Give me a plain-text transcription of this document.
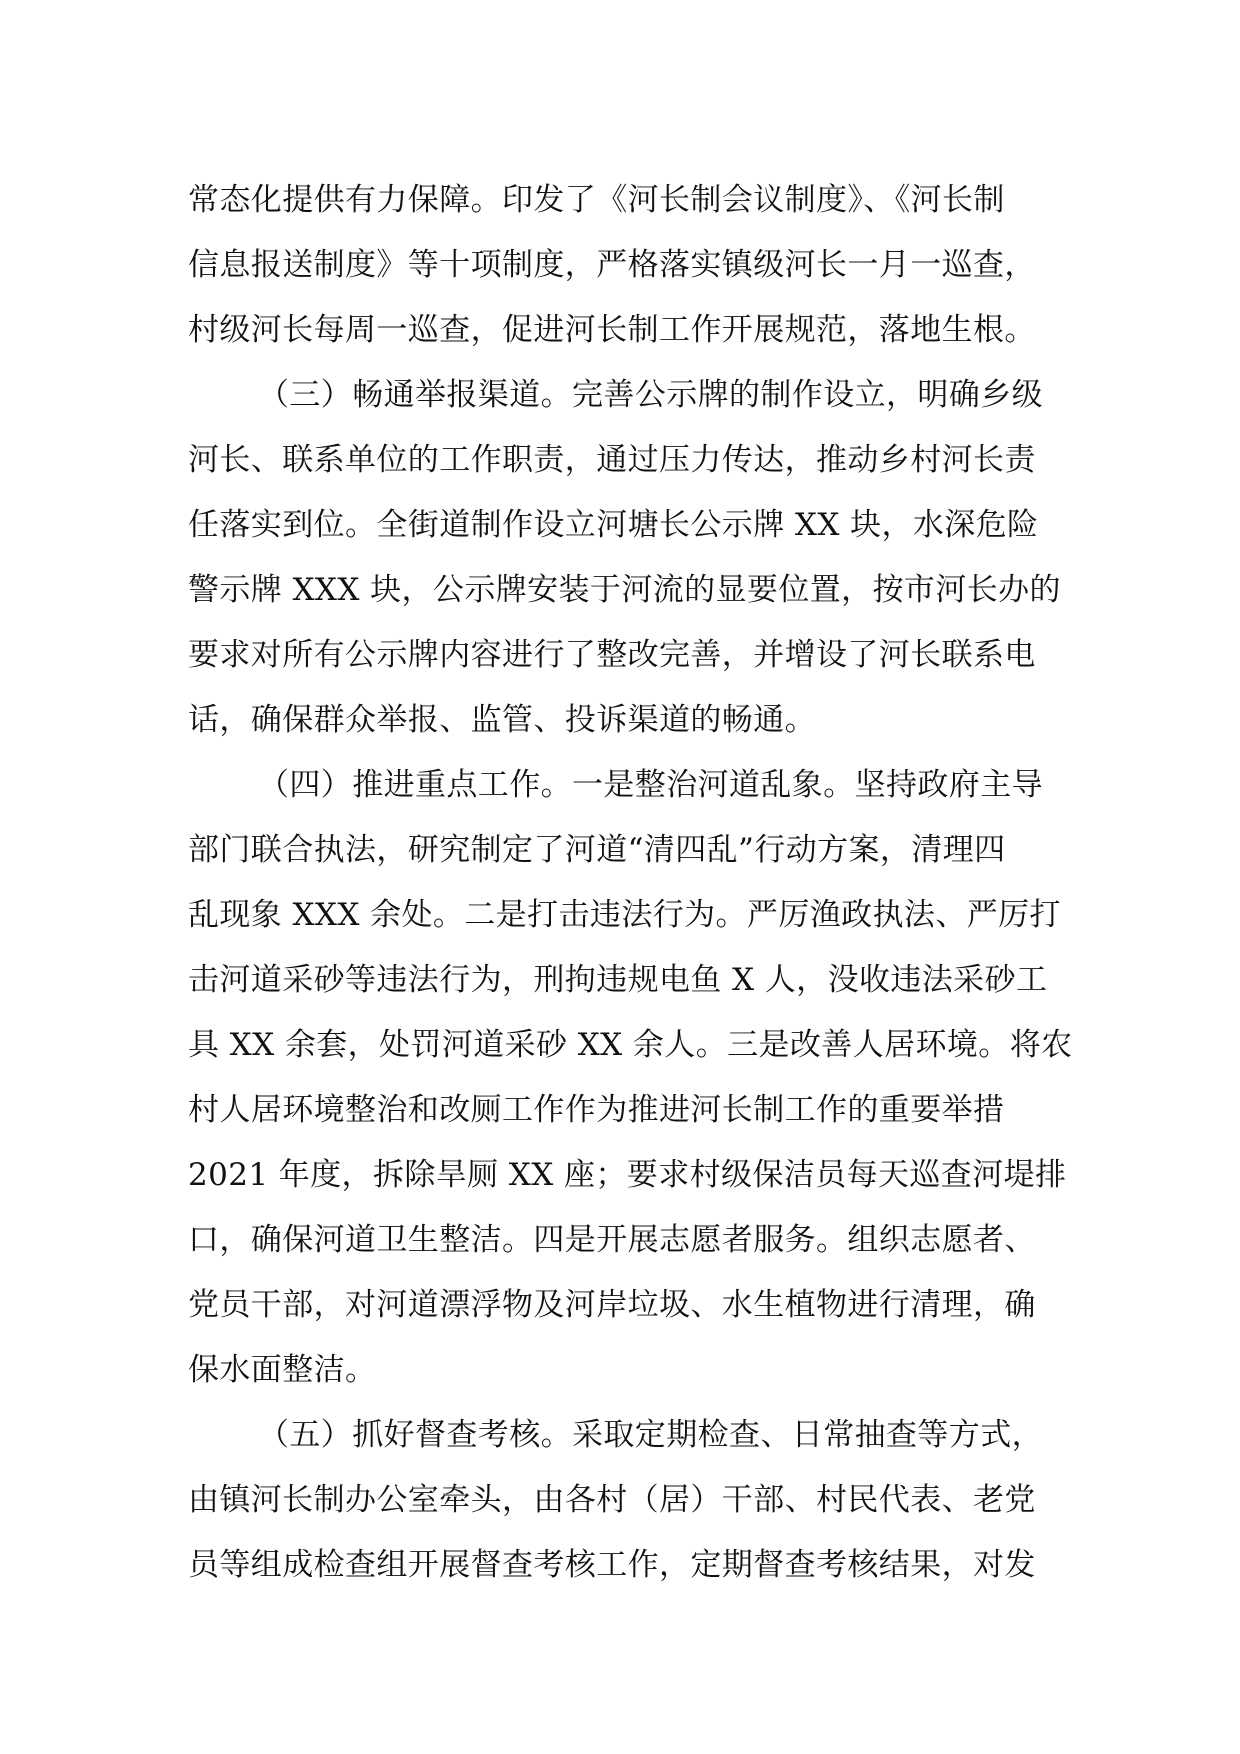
常态化提供有力保障。印发了《河长制会议制度》、《河长制
信息报送制度》等十项制度，严格落实镇级河长一月一巡查，
村级河长每周一巡查，促进河长制工作开展规范，落地生根。
（三）畅通举报渠道。完善公示牌的制作设立，明确乡级
河长、联系单位的工作职责，通过压力传达，推动乡村河长责
任落实到位。全街道制作设立河塘长公示牌 XX 块，水深危险
警示牌 XXX 块，公示牌安装于河流的显要位置，按市河长办的
要求对所有公示牌内容进行了整改完善，并增设了河长联系电
话，确保群众举报、监管、投诉渠道的畅通。
（四）推进重点工作。一是整治河道乱象。坚持政府主导
部门联合执法，研究制定了河道“清四乱”行动方案，清理四
乱现象 XXX 余处。二是打击违法行为。严厉渔政执法、严厉打
击河道采砂等违法行为，刑拘违规电鱼 X 人，没收违法采砂工
具 XX 余套，处罚河道采砂 XX 余人。三是改善人居环境。将农
村人居环境整治和改厕工作作为推进河长制工作的重要举措
2021 年度，拆除旱厕 XX 座；要求村级保洁员每天巡查河堤排
口，确保河道卫生整洁。四是开展志愿者服务。组织志愿者、
党员干部，对河道漂浮物及河岸垃圾、水生植物进行清理，确
保水面整洁。
（五）抓好督查考核。采取定期检查、日常抽查等方式，
由镇河长制办公室牵头，由各村（居）干部、村民代表、老党
员等组成检查组开展督查考核工作，定期督查考核结果，对发
